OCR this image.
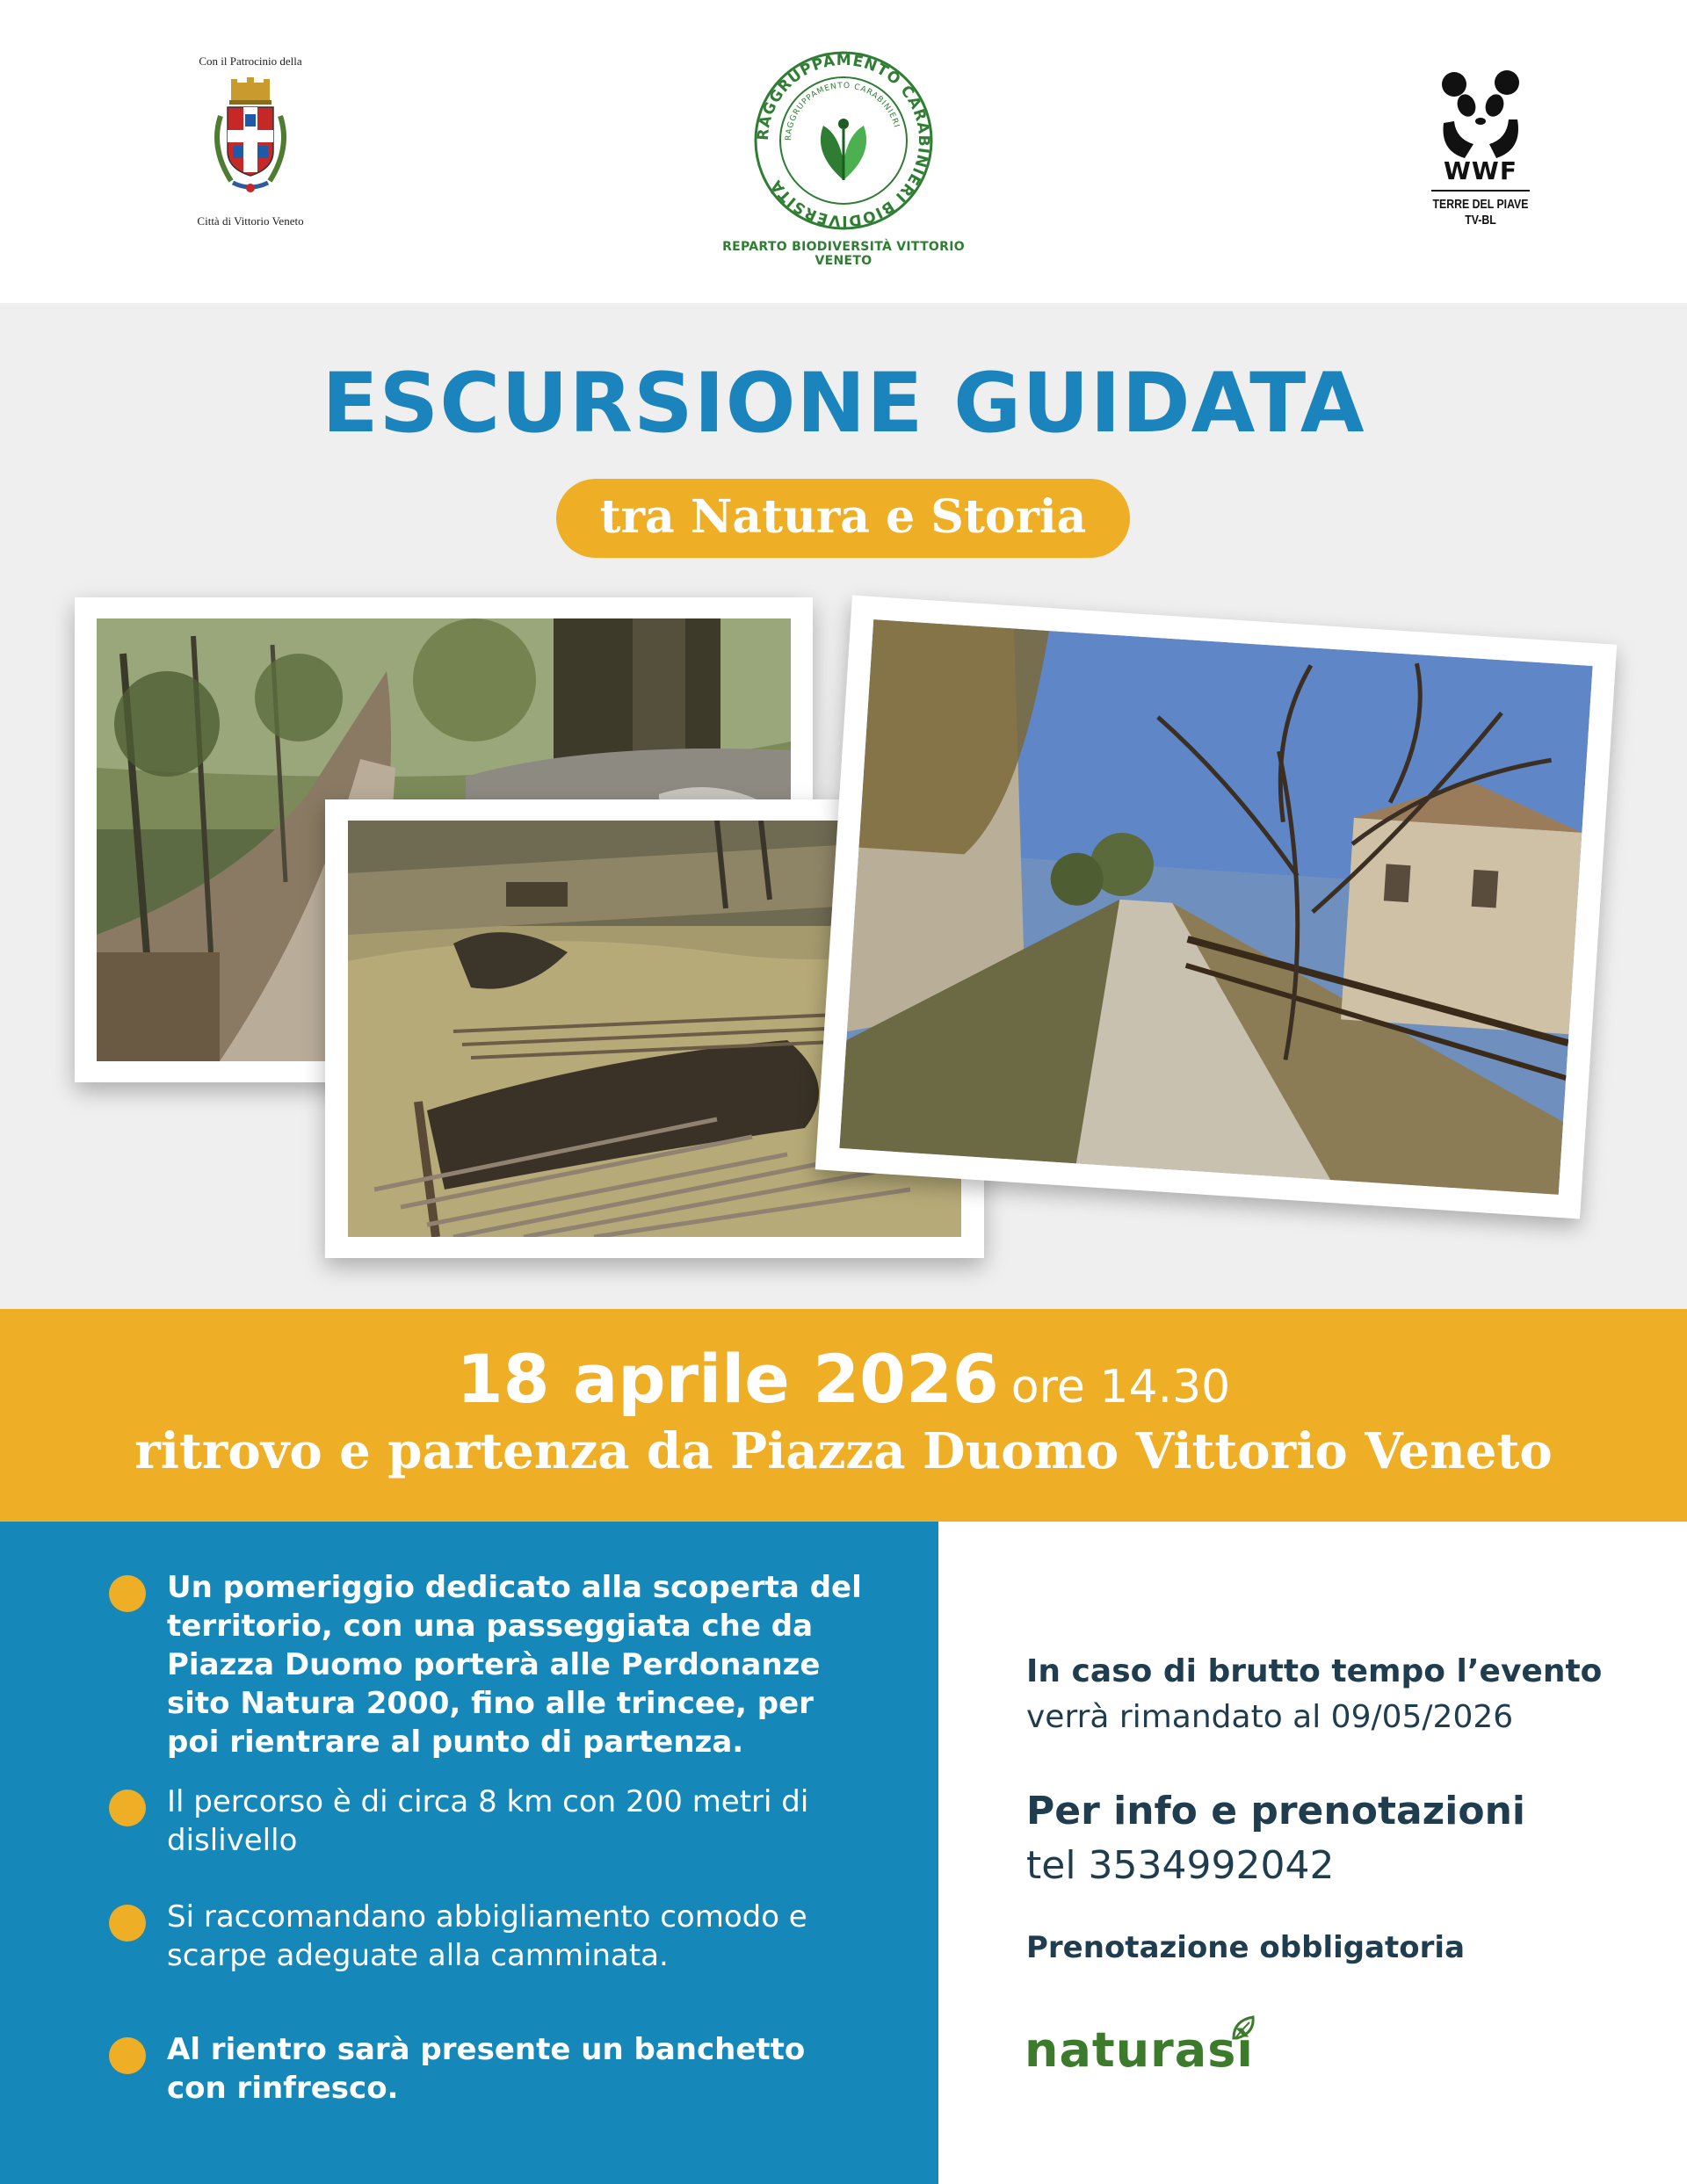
Con il Patrocinio della
Città di Vittorio Veneto
RAGGRUPPAMENTO CARABINIERI BIODIVERSITÀ
RAGGRUPPAMENTO CARABINIERI
REPARTO BIODIVERSITÀ VITTORIO VENETO
WWF
TERRE DEL PIAVE
TV-BL
ESCURSIONE GUIDATA
tra Natura e Storia

18 aprile 2026 ore 14.30

ritrovo e partenza da Piazza Duomo Vittorio Veneto

Un pomeriggio dedicato alla scoperta del territorio, con una passeggiata che da Piazza Duomo porterà alle Perdonanze sito Natura 2000, fino alle trincee, per poi rientrare al punto di partenza.
Il percorso è di circa 8 km con 200 metri di dislivello
Si raccomandano abbigliamento comodo e scarpe adeguate alla camminata.
Al rientro sarà presente un banchetto con rinfresco.

In caso di brutto tempo l’evento

verrà rimandato al 09/05/2026

Per info e prenotazioni

tel 3534992042

Prenotazione obbligatoria

naturasì
